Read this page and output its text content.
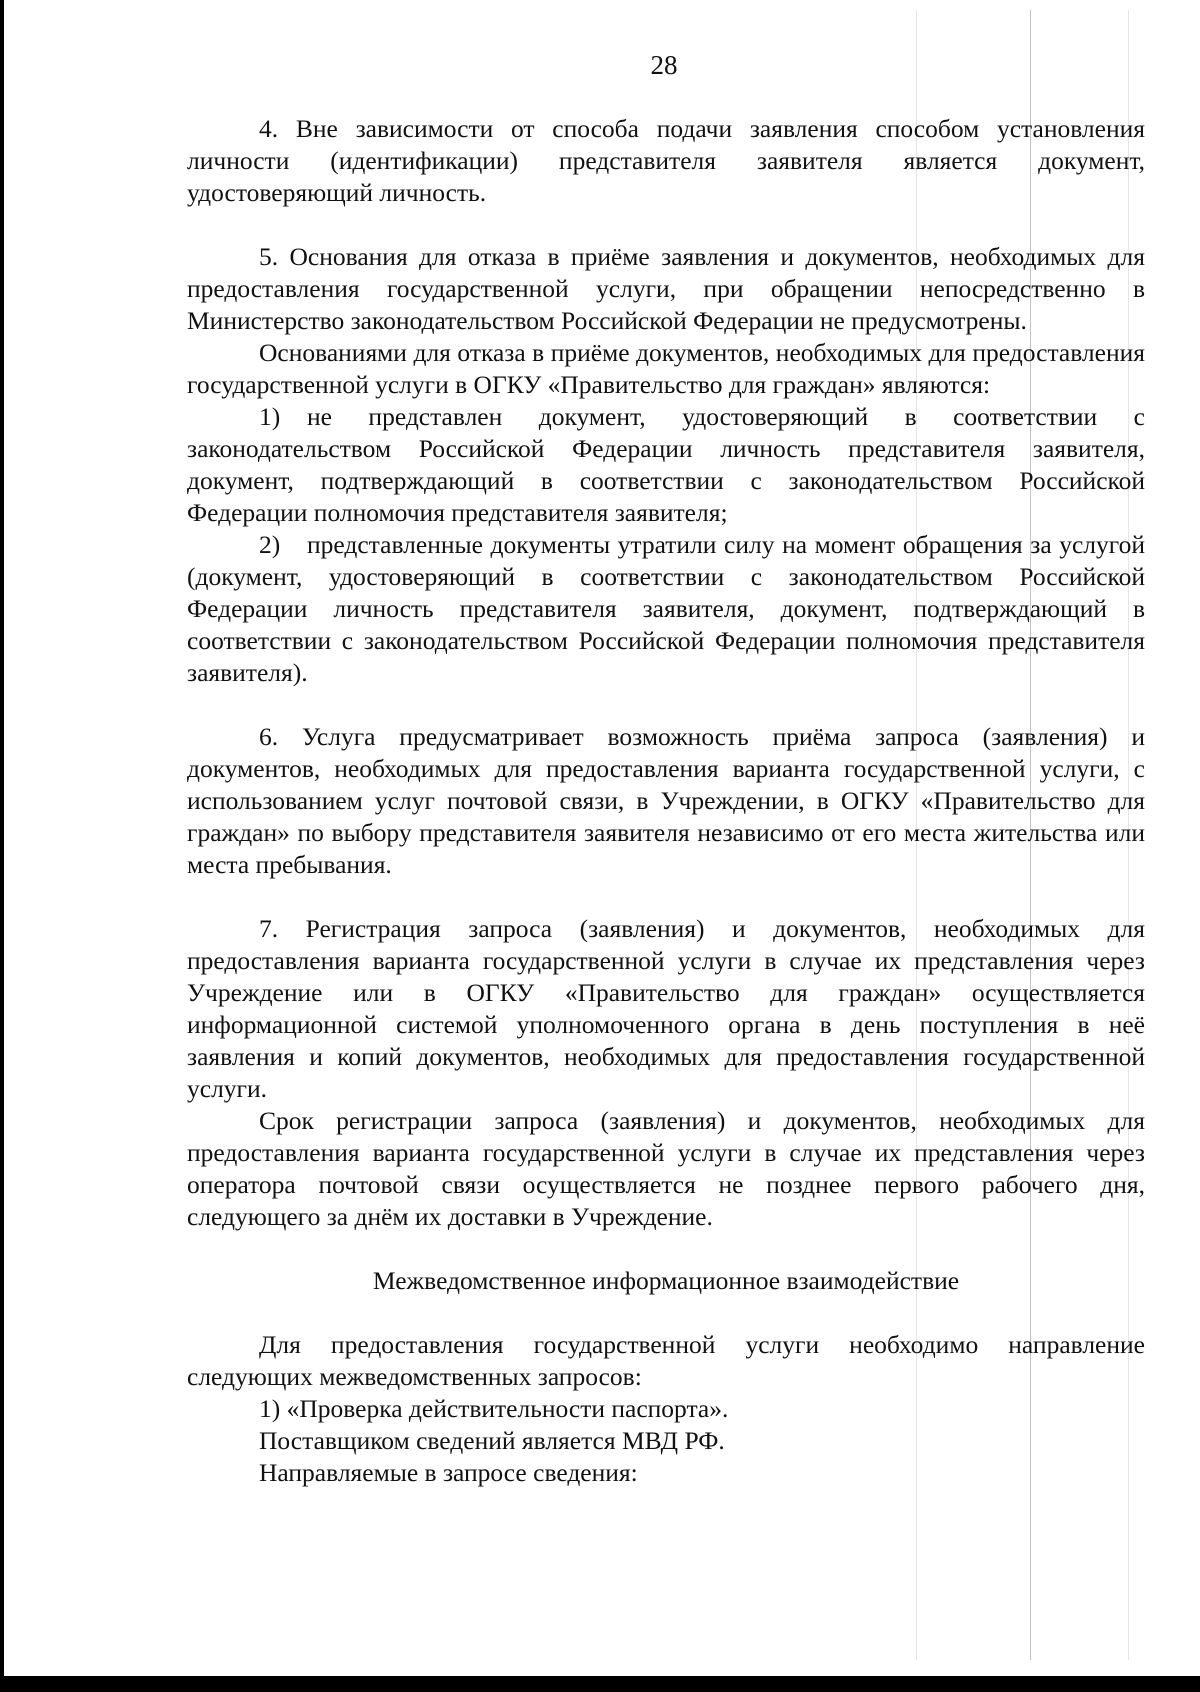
28

4. Вне зависимости от способа подачи заявления способом установления личности (идентификации) представителя заявителя является документ, удостоверяющий личность.

5. Основания для отказа в приёме заявления и документов, необходимых для предоставления государственной услуги, при обращении непосредственно в Министерство законодательством Российской Федерации не предусмотрены.

Основаниями для отказа в приёме документов, необходимых для предоставления государственной услуги в ОГКУ «Правительство для граждан» являются:

1) не представлен документ, удостоверяющий в соответствии с законодательством Российской Федерации личность представителя заявителя, документ, подтверждающий в соответствии с законодательством Российской Федерации полномочия представителя заявителя;

2) представленные документы утратили силу на момент обращения за услугой (документ, удостоверяющий в соответствии с законодательством Российской Федерации личность представителя заявителя, документ, подтверждающий в соответствии с законодательством Российской Федерации полномочия представителя заявителя).

6. Услуга предусматривает возможность приёма запроса (заявления) и документов, необходимых для предоставления варианта государственной услуги, с использованием услуг почтовой связи, в Учреждении, в ОГКУ «Правительство для граждан» по выбору представителя заявителя независимо от его места жительства или места пребывания.

7. Регистрация запроса (заявления) и документов, необходимых для предоставления варианта государственной услуги в случае их представления через Учреждение или в ОГКУ «Правительство для граждан» осуществляется информационной системой уполномоченного органа в день поступления в неё заявления и копий документов, необходимых для предоставления государственной услуги.

Срок регистрации запроса (заявления) и документов, необходимых для предоставления варианта государственной услуги в случае их представления через оператора почтовой связи осуществляется не позднее первого рабочего дня, следующего за днём их доставки в Учреждение.

Межведомственное информационное взаимодействие

Для предоставления государственной услуги необходимо направление следующих межведомственных запросов:

1) «Проверка действительности паспорта».

Поставщиком сведений является МВД РФ.

Направляемые в запросе сведения:
